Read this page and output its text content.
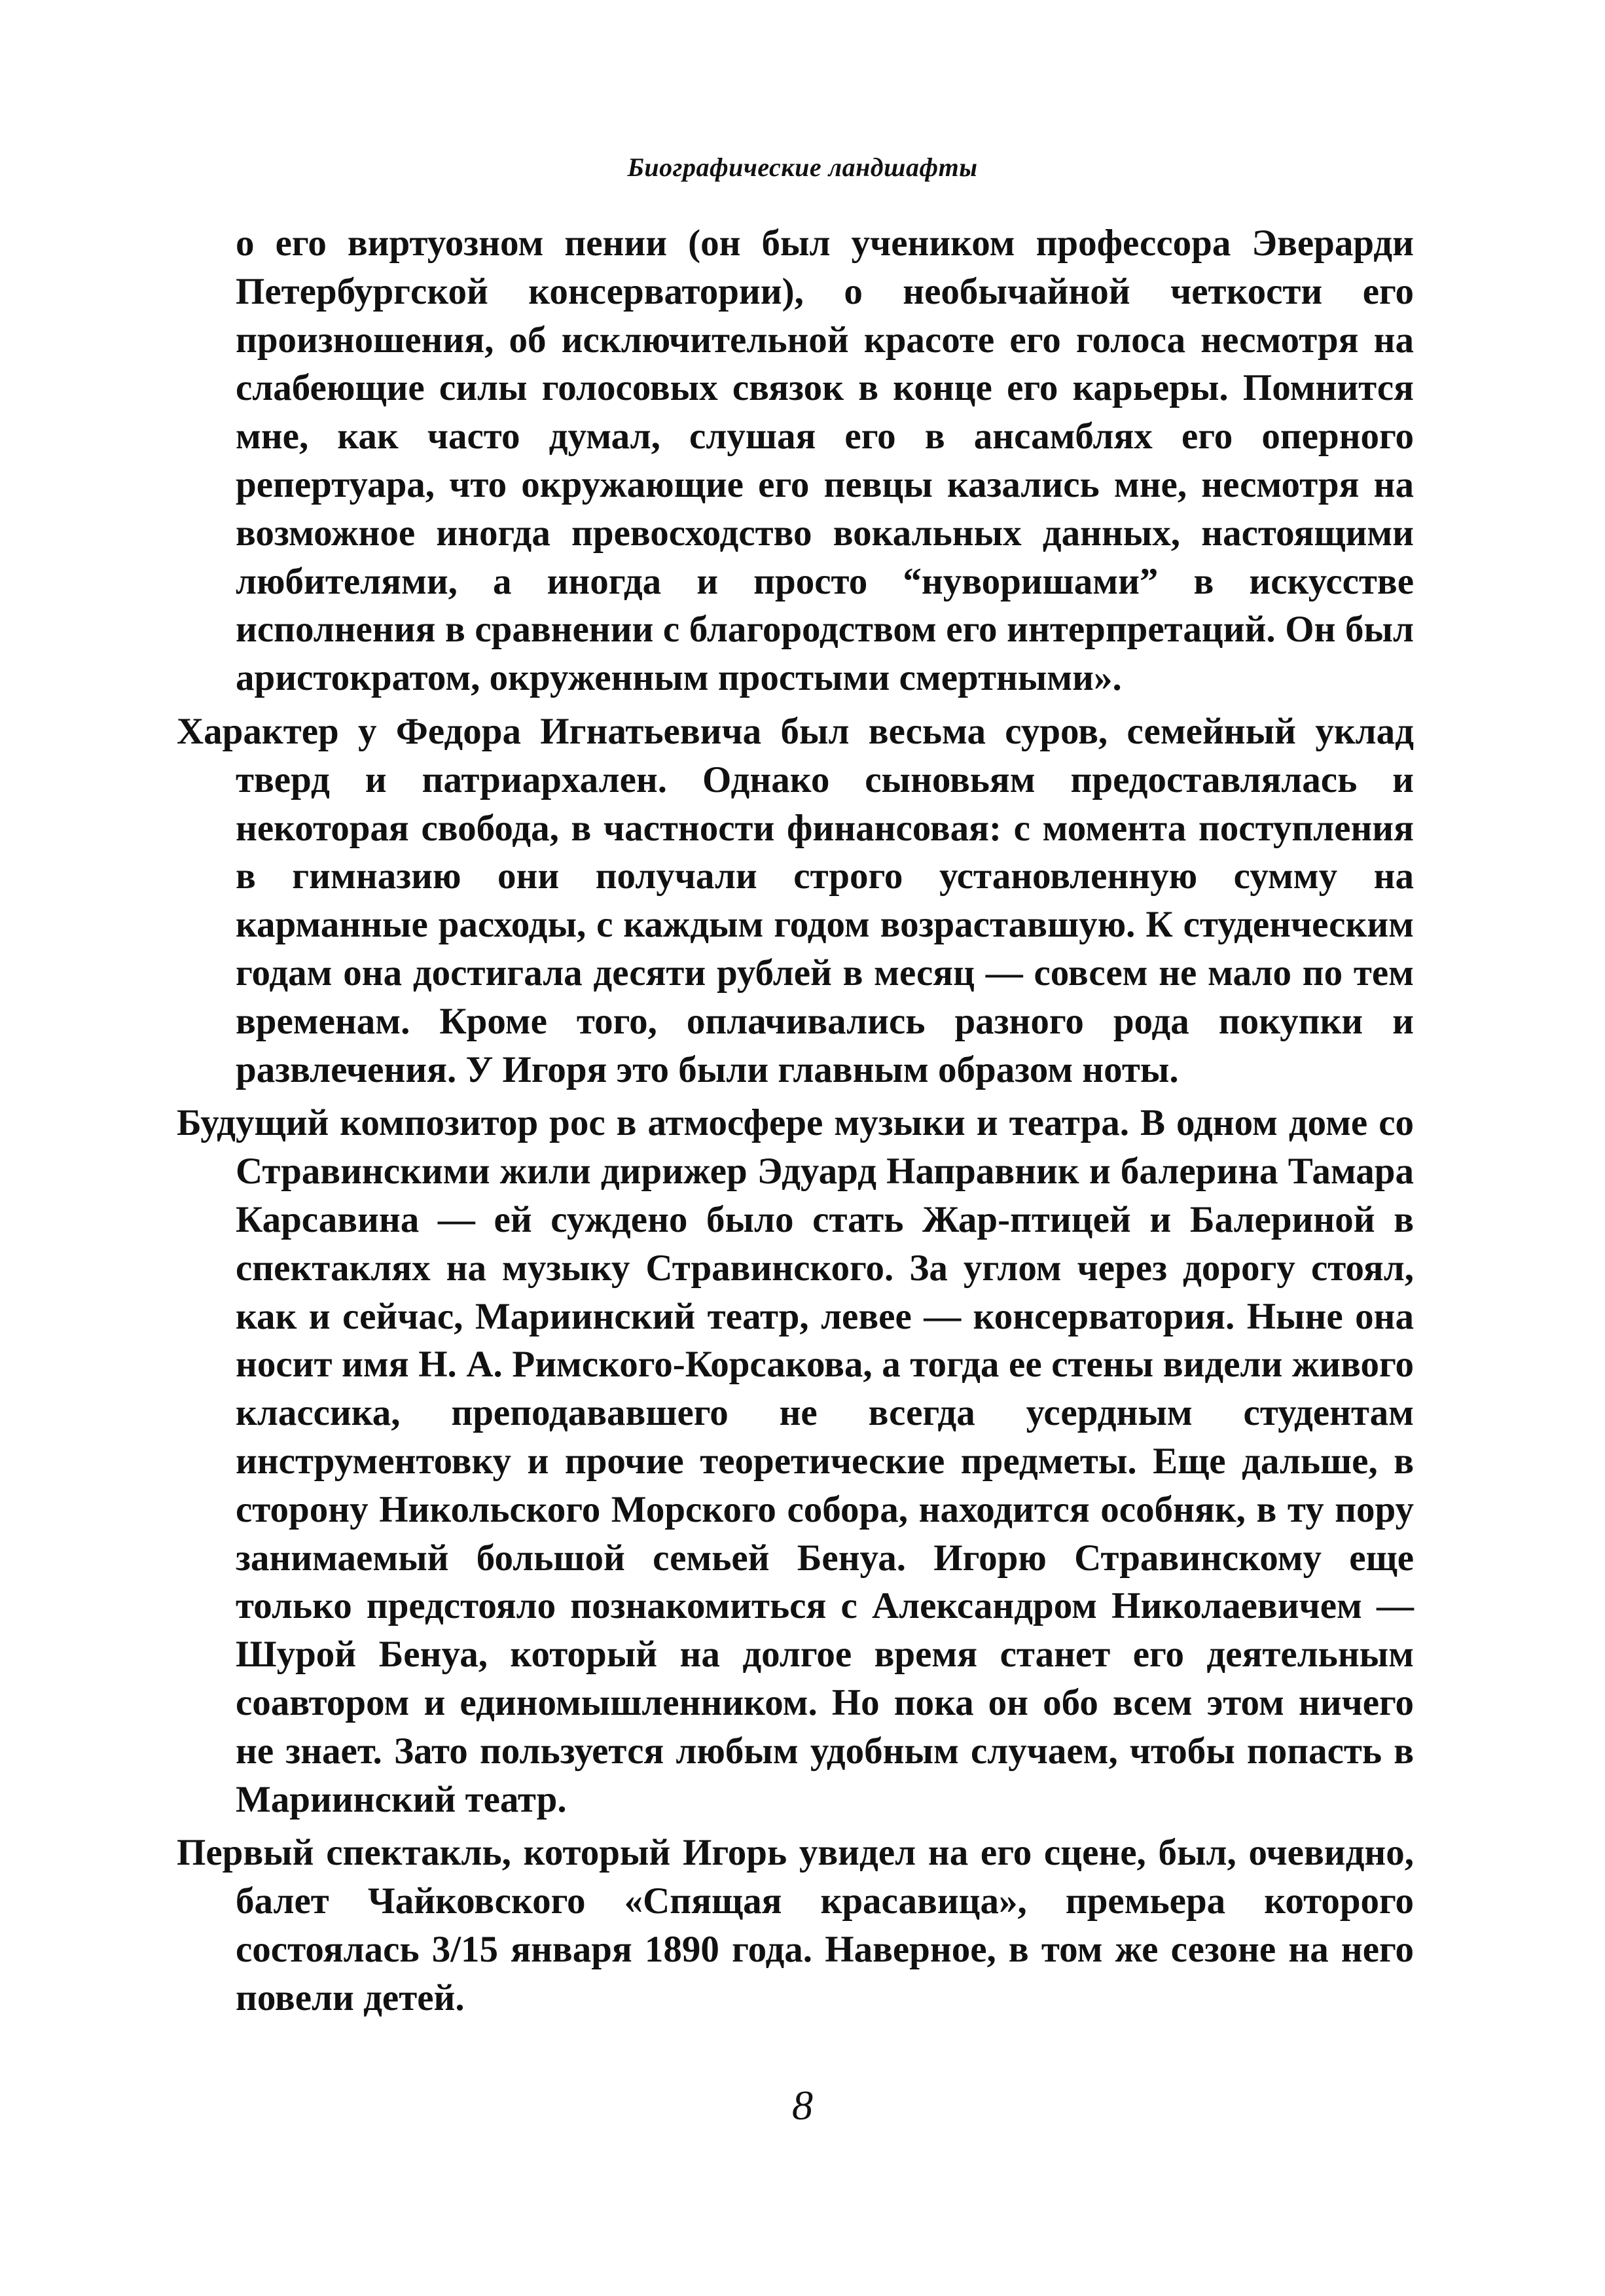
Биографические ландшафты

о его виртуозном пении (он был учеником профессора Эверарди Петербургской консерватории), о необычайной четкости его произношения, об исключительной красоте его голоса несмотря на слабеющие силы голосовых связок в конце его карьеры. Помнится мне, как часто думал, слушая его в ансамблях его оперного репертуара, что окружающие его певцы казались мне, несмотря на возможное иногда превосходство вокальных данных, настоящими любителями, а иногда и просто “нуворишами” в искусстве исполнения в сравнении с благородством его интерпретаций. Он был аристократом, окруженным простыми смертными».

Характер у Федора Игнатьевича был весьма суров, семейный уклад тверд и патриархален. Однако сыновьям предоставлялась и некоторая свобода, в частности финансовая: с момента поступления в гимназию они получали строго установленную сумму на карманные расходы, с каждым годом возраставшую. К студенческим годам она достигала десяти рублей в месяц — совсем не мало по тем временам. Кроме того, оплачивались разного рода покупки и развлечения. У Игоря это были главным образом ноты.

Будущий композитор рос в атмосфере музыки и театра. В одном доме со Стравинскими жили дирижер Эдуард Направник и балерина Тамара Карсавина — ей суждено было стать Жар-птицей и Балериной в спектаклях на музыку Стравинского. За углом через дорогу стоял, как и сейчас, Мариинский театр, левее — консерватория. Ныне она носит имя Н. А. Римского-Корсакова, а тогда ее стены видели живого классика, преподававшего не всегда усердным студентам инструментовку и прочие теоретические предметы. Еще дальше, в сторону Никольского Морского собора, находится особняк, в ту пору занимаемый большой семьей Бенуа. Игорю Стравинскому еще только предстояло познакомиться с Александром Николаевичем — Шурой Бенуа, который на долгое время станет его деятельным соавтором и единомышленником. Но пока он обо всем этом ничего не знает. Зато пользуется любым удобным случаем, чтобы попасть в Мариинский театр.

Первый спектакль, который Игорь увидел на его сцене, был, очевидно, балет Чайковского «Спящая красавица», премьера которого состоялась 3/15 января 1890 года. Наверное, в том же сезоне на него повели детей.

8
